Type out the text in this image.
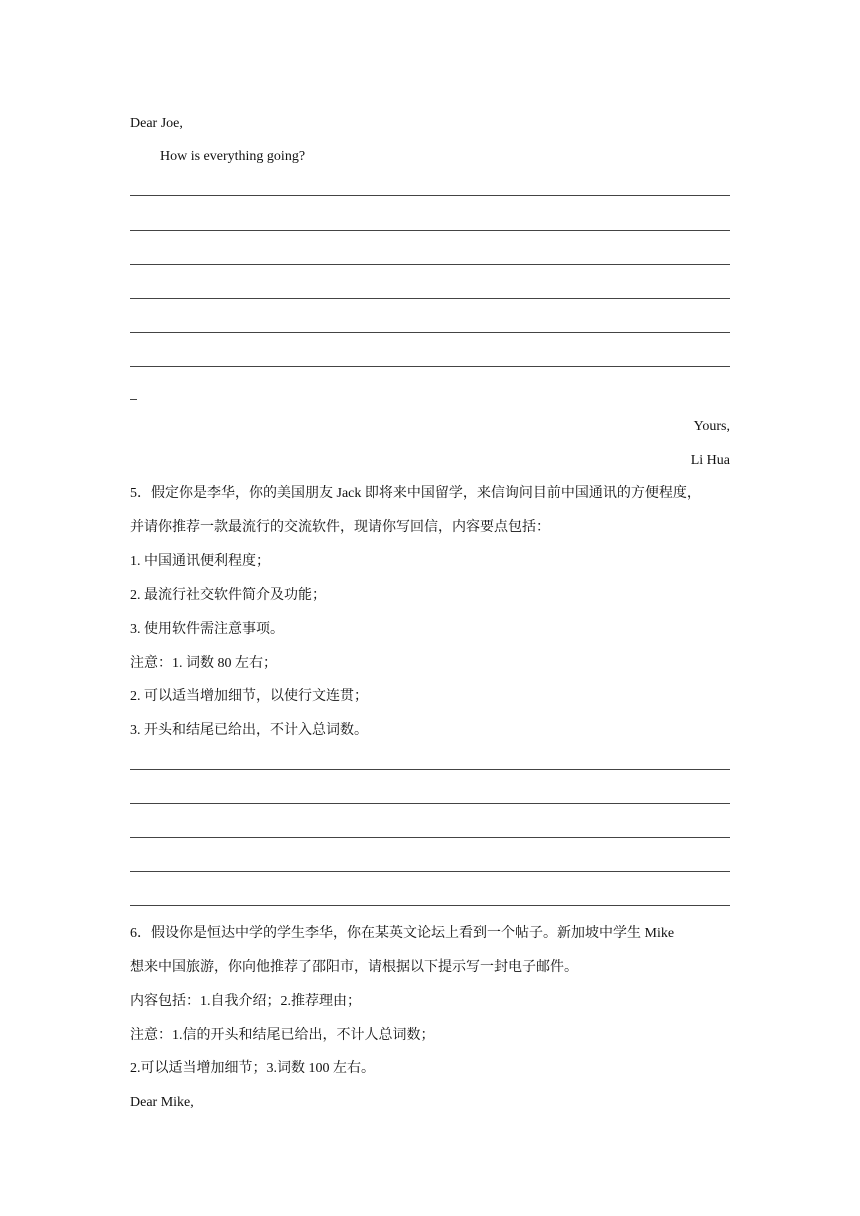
Dear Joe,
How is everything going?
Yours,
Li Hua
5．假定你是李华，你的美国朋友 Jack 即将来中国留学，来信询问目前中国通讯的方便程度，
并请你推荐一款最流行的交流软件，现请你写回信，内容要点包括：
1. 中国通讯便利程度；
2. 最流行社交软件简介及功能；
3. 使用软件需注意事项。
注意：1. 词数 80 左右；
2. 可以适当增加细节，以使行文连贯；
3. 开头和结尾已给出，不计入总词数。
6．假设你是恒达中学的学生李华，你在某英文论坛上看到一个帖子。新加坡中学生 Mike
想来中国旅游，你向他推荐了邵阳市，请根据以下提示写一封电子邮件。
内容包括：1.自我介绍；2.推荐理由；
注意：1.信的开头和结尾已给出，不计人总词数；
2.可以适当增加细节；3.词数 100 左右。
Dear Mike,
